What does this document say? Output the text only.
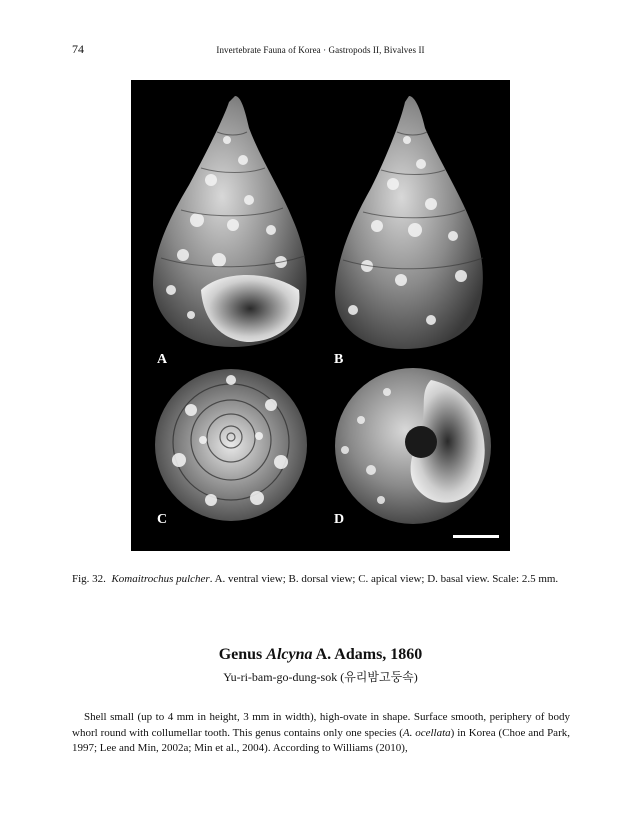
74	Invertebrate Fauna of Korea · Gastropods II, Bivalves II
A	B
C	D
Fig. 32. Komaitrochus pulcher. A. ventral view; B. dorsal view; C. apical view; D. basal view. Scale: 2.5 mm.
Genus Alcyna A. Adams, 1860
Yu-ri-bam-go-dung-sok (유리밤고둥속)

Shell small (up to 4 mm in height, 3 mm in width), high-ovate in shape. Surface smooth, periphery of body whorl round with collumellar tooth. This genus contains only one species (A. ocellata) in Korea (Choe and Park, 1997; Lee and Min, 2002a; Min et al., 2004). According to Williams (2010),
